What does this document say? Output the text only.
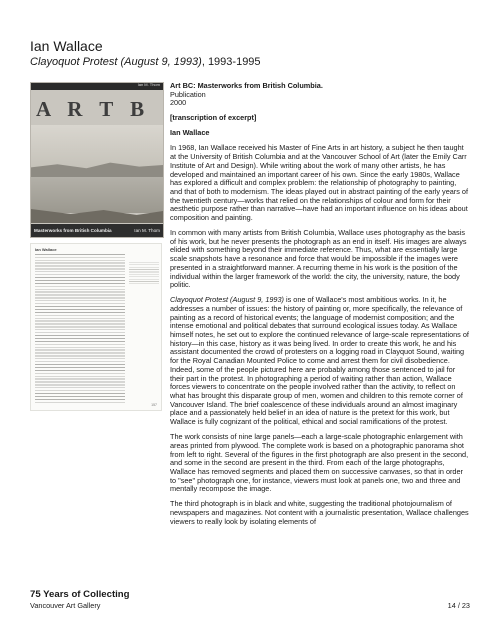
Ian Wallace

Clayoquot Protest (August 9, 1993), 1993-1995

Ian M. Thom
A R T B
Masterworks from British Columbia	Ian M. Thom
Ian Wallace
157
Art BC: Masterworks from British Columbia.
Publication
2000

[transcription of excerpt]

Ian Wallace

In 1968, Ian Wallace received his Master of Fine Arts in art history, a subject he then taught at the University of British Columbia and at the Vancouver School of Art (later the Emily Carr Institute of Art and Design). While writing about the work of many other artists, he has developed and maintained an important career of his own. Since the early 1980s, Wallace has explored a difficult and complex problem: the relationship of photography to painting, and that of both to modernism. The ideas played out in abstract painting of the early years of the twentieth century—works that relied on the relationships of colour and form for their aesthetic purpose rather than narrative—have had an important influence on his ideas about composition and painting.

In common with many artists from British Columbia, Wallace uses photography as the basis of his work, but he never presents the photograph as an end in itself. His images are always elided with something beyond their immediate reference. Thus, what are essentially large scale snapshots have a resonance and force that would be impossible if the images were presented in a straightforward manner. A recurring theme in his work is the position of the individual within the larger framework of the world: the city, the university, nature, the body politic.

Clayoquot Protest (August 9, 1993) is one of Wallace's most ambitious works. In it, he addresses a number of issues: the history of painting or, more specifically, the relevance of painting as a record of historical events; the language of modernist composition; and the intense emotional and political debates that surround ecological issues today. As Wallace himself notes, he set out to explore the continued relevance of large-scale representations of history—in this case, history as it was being lived. In order to create this work, he and his assistant documented the crowd of protesters on a logging road in Clayquot Sound, waiting for the Royal Canadian Mounted Police to come and arrest them for civil disobedience. Indeed, some of the people pictured here are probably among those sentenced to jail for their part in the protest. In photographing a period of waiting rather than action, Wallace forces viewers to concentrate on the people involved rather than the activity, to reflect on what has brought this disparate group of men, women and children to this remote corner of Vancouver Island. The brief coalescence of these individuals around an almost imaginary place and a passionately held belief in an idea of nature is the pretext for this work, but Wallace is fully cognizant of the political, ethical and social ramifications of the protest.

The work consists of nine large panels—each a large-scale photographic enlargement with areas printed from plywood. The complete work is based on a photographic panorama shot from left to right. Several of the figures in the first photograph are also present in the second, and some in the second are present in the third. From each of the large photographs, Wallace has removed segments and placed them on successive canvases, so that in order to "see" photograph one, for instance, viewers must look at panels one, two and three and mentally recompose the image.

The third photograph is in black and white, suggesting the traditional photojournalism of newspapers and magazines. Not content with a journalistic presentation, Wallace challenges viewers to really look by isolating elements of

75 Years of Collecting
Vancouver Art Gallery	14 / 23
